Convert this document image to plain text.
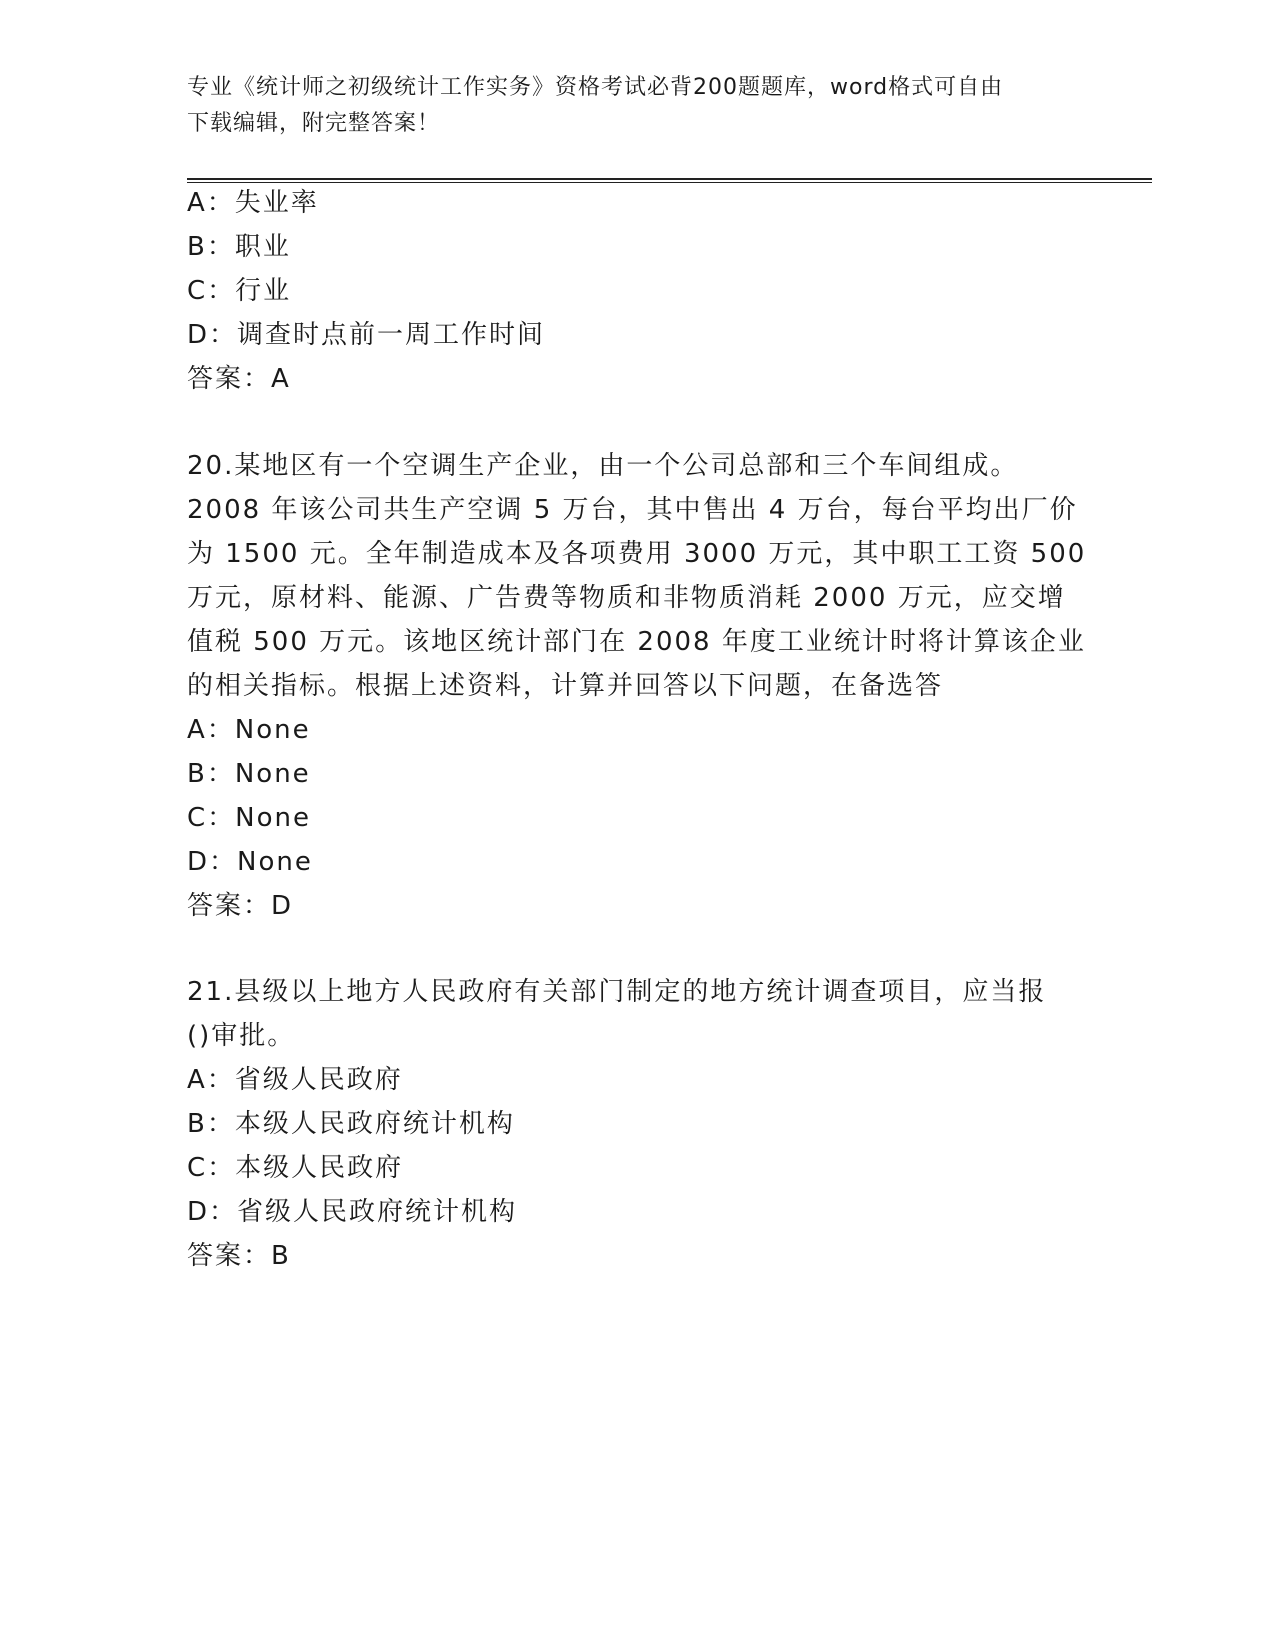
专业《统计师之初级统计工作实务》资格考试必背200题题库，word格式可自由
下载编辑，附完整答案！
A：失业率
B：职业
C：行业
D：调查时点前一周工作时间
答案：A
20.某地区有一个空调生产企业，由一个公司总部和三个车间组成。
2008 年该公司共生产空调 5 万台，其中售出 4 万台，每台平均出厂价
为 1500 元。全年制造成本及各项费用 3000 万元，其中职工工资 500
万元，原材料、能源、广告费等物质和非物质消耗 2000 万元，应交增
值税 500 万元。该地区统计部门在 2008 年度工业统计时将计算该企业
的相关指标。根据上述资料，计算并回答以下问题，在备选答
A：None
B：None
C：None
D：None
答案：D
21.县级以上地方人民政府有关部门制定的地方统计调查项目，应当报
()审批。
A：省级人民政府
B：本级人民政府统计机构
C：本级人民政府
D：省级人民政府统计机构
答案：B
